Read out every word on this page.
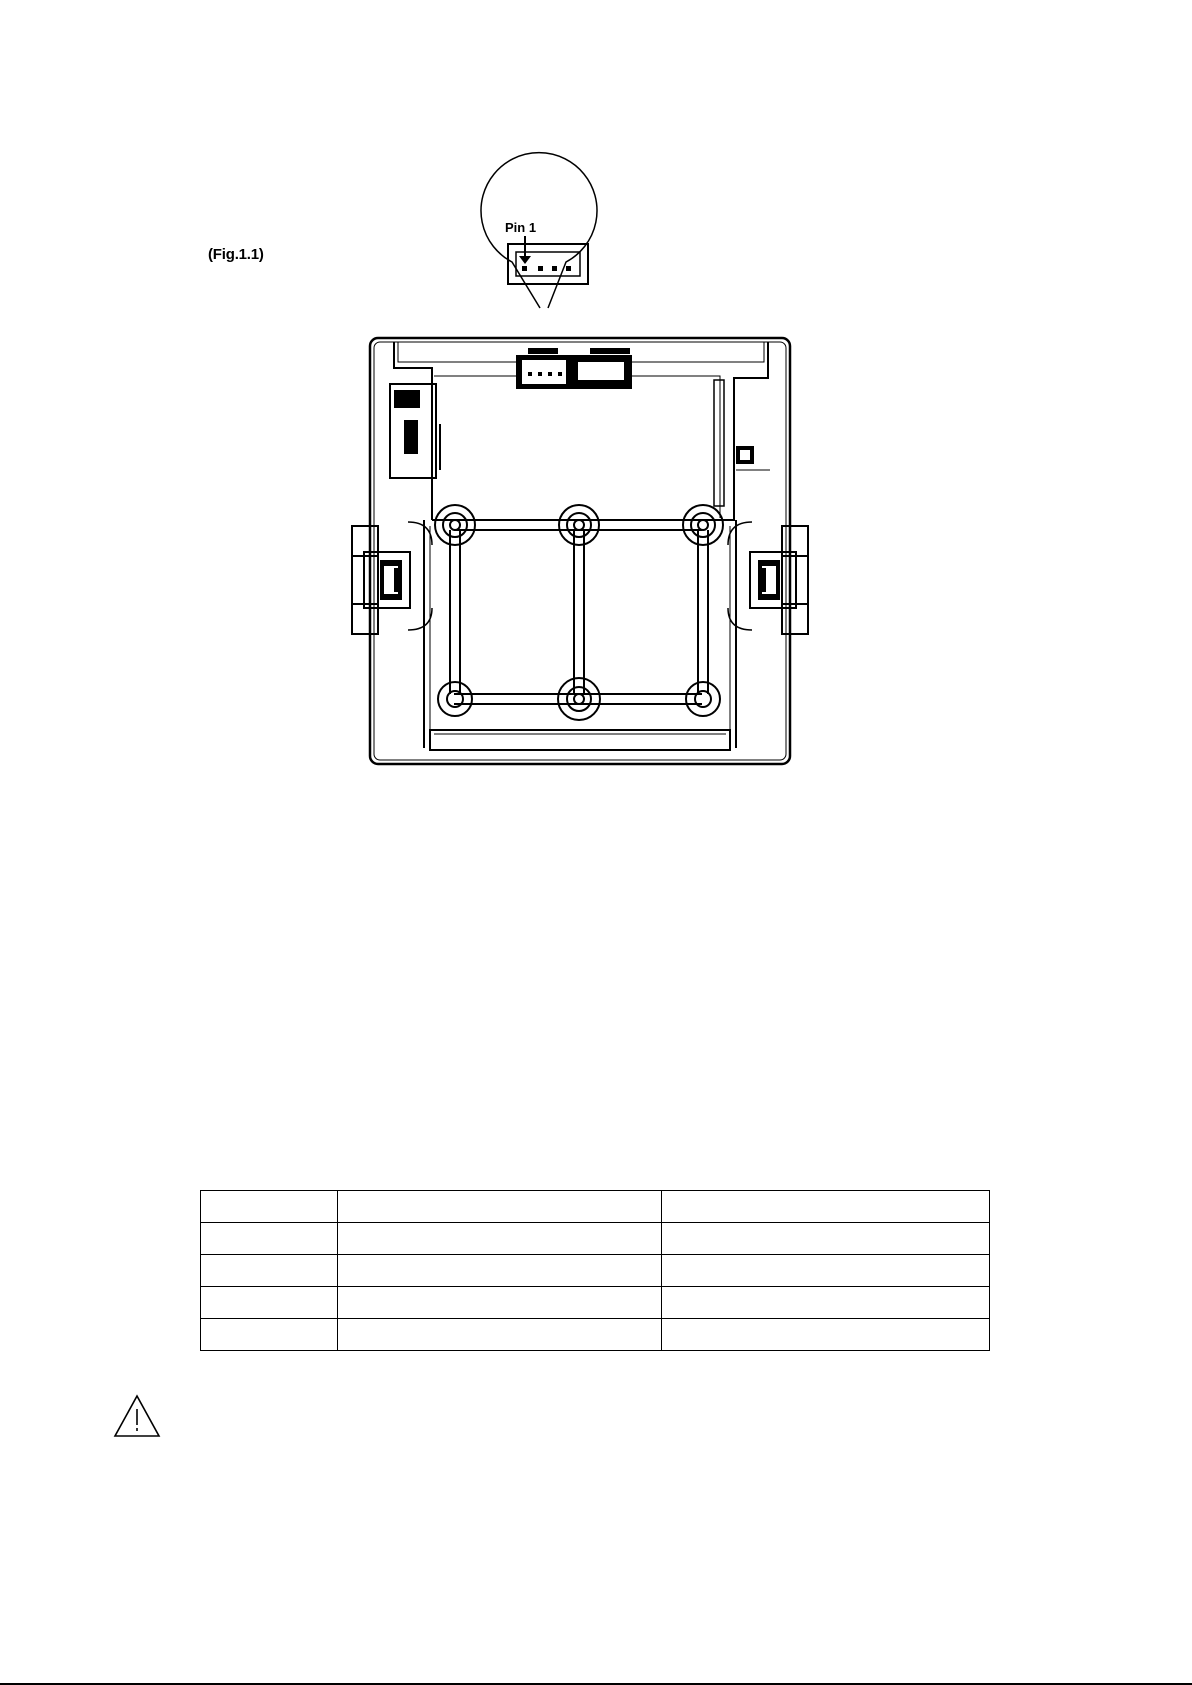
(Fig.1.1)
Pin 1
